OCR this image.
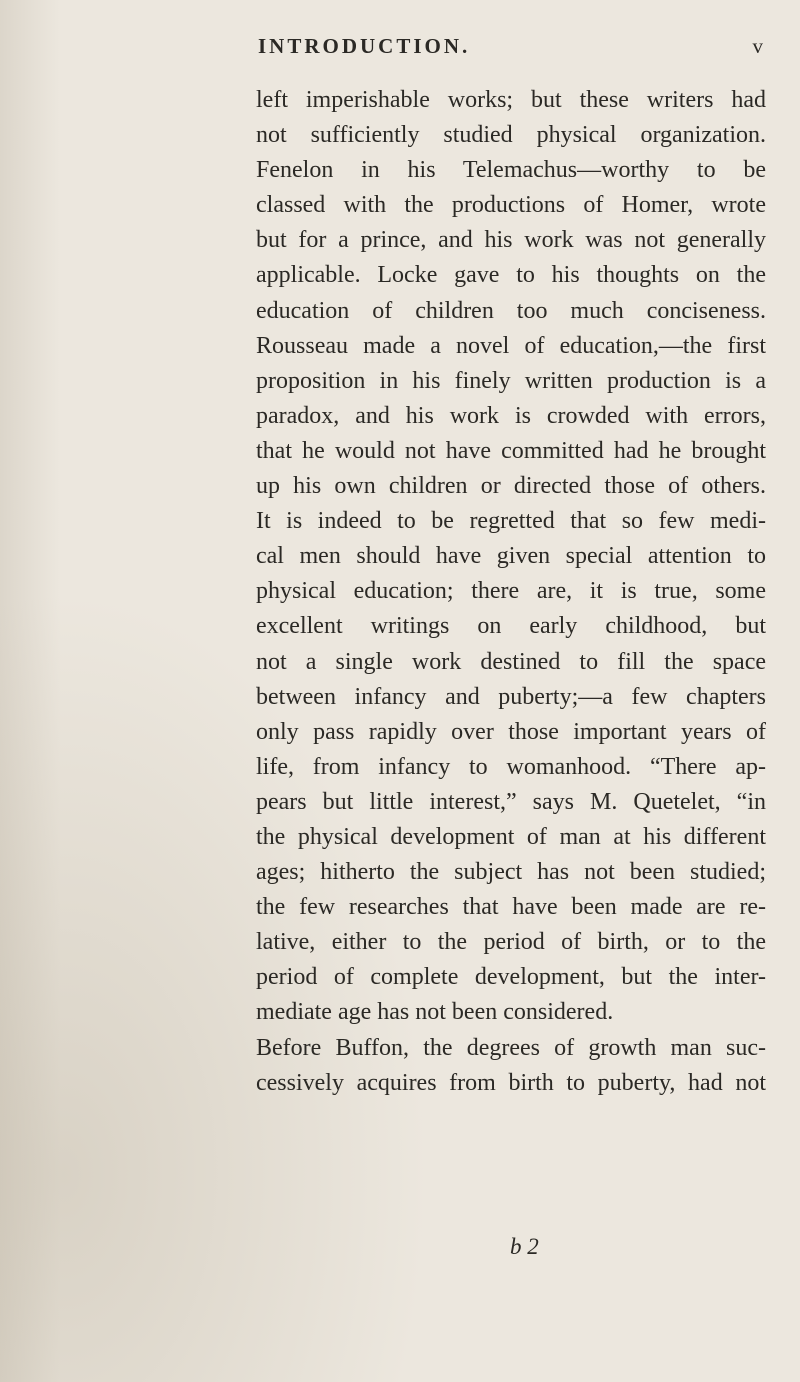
INTRODUCTION.	v
left imperishable works; but these writers had
not sufficiently studied physical organization.
Fenelon in his Telemachus—worthy to be
classed with the productions of Homer, wrote
but for a prince, and his work was not generally
applicable. Locke gave to his thoughts on the
education of children too much conciseness.
Rousseau made a novel of education,—the first
proposition in his finely written production is a
paradox, and his work is crowded with errors,
that he would not have committed had he brought
up his own children or directed those of others.
It is indeed to be regretted that so few medi-
cal men should have given special attention to
physical education; there are, it is true, some
excellent writings on early childhood, but
not a single work destined to fill the space
between infancy and puberty;—a few chapters
only pass rapidly over those important years of
life, from infancy to womanhood. “There ap-
pears but little interest,” says M. Quetelet, “in
the physical development of man at his different
ages; hitherto the subject has not been studied;
the few researches that have been made are re-
lative, either to the period of birth, or to the
period of complete development, but the inter-
mediate age has not been considered.
Before Buffon, the degrees of growth man suc-
cessively acquires from birth to puberty, had not
b 2
